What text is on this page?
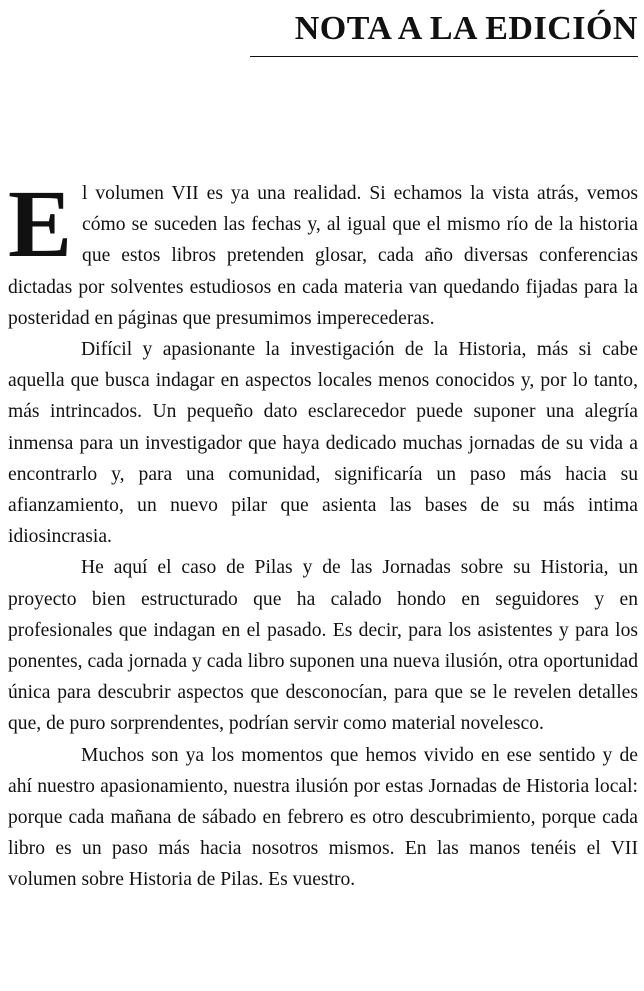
NOTA A LA EDICIÓN

El volumen VII es ya una realidad. Si echamos la vista atrás, vemos cómo se suceden las fechas y, al igual que el mismo río de la historia que estos libros pretenden glosar, cada año diversas conferencias dictadas por solventes estudiosos en cada materia van quedando fijadas para la posteridad en páginas que presumimos imperecederas.

Difícil y apasionante la investigación de la Historia, más si cabe aquella que busca indagar en aspectos locales menos conocidos y, por lo tanto, más intrincados. Un pequeño dato esclarecedor puede suponer una alegría inmensa para un investigador que haya dedicado muchas jornadas de su vida a encontrarlo y, para una comunidad, significaría un paso más hacia su afianzamiento, un nuevo pilar que asienta las bases de su más intima idiosincrasia.

He aquí el caso de Pilas y de las Jornadas sobre su Historia, un proyecto bien estructurado que ha calado hondo en seguidores y en profesionales que indagan en el pasado. Es decir, para los asistentes y para los ponentes, cada jornada y cada libro suponen una nueva ilusión, otra oportunidad única para descubrir aspectos que desconocían, para que se le revelen detalles que, de puro sorprendentes, podrían servir como material novelesco.

Muchos son ya los momentos que hemos vivido en ese sentido y de ahí nuestro apasionamiento, nuestra ilusión por estas Jornadas de Historia local: porque cada mañana de sábado en febrero es otro descubrimiento, porque cada libro es un paso más hacia nosotros mismos. En las manos tenéis el VII volumen sobre Historia de Pilas. Es vuestro.
